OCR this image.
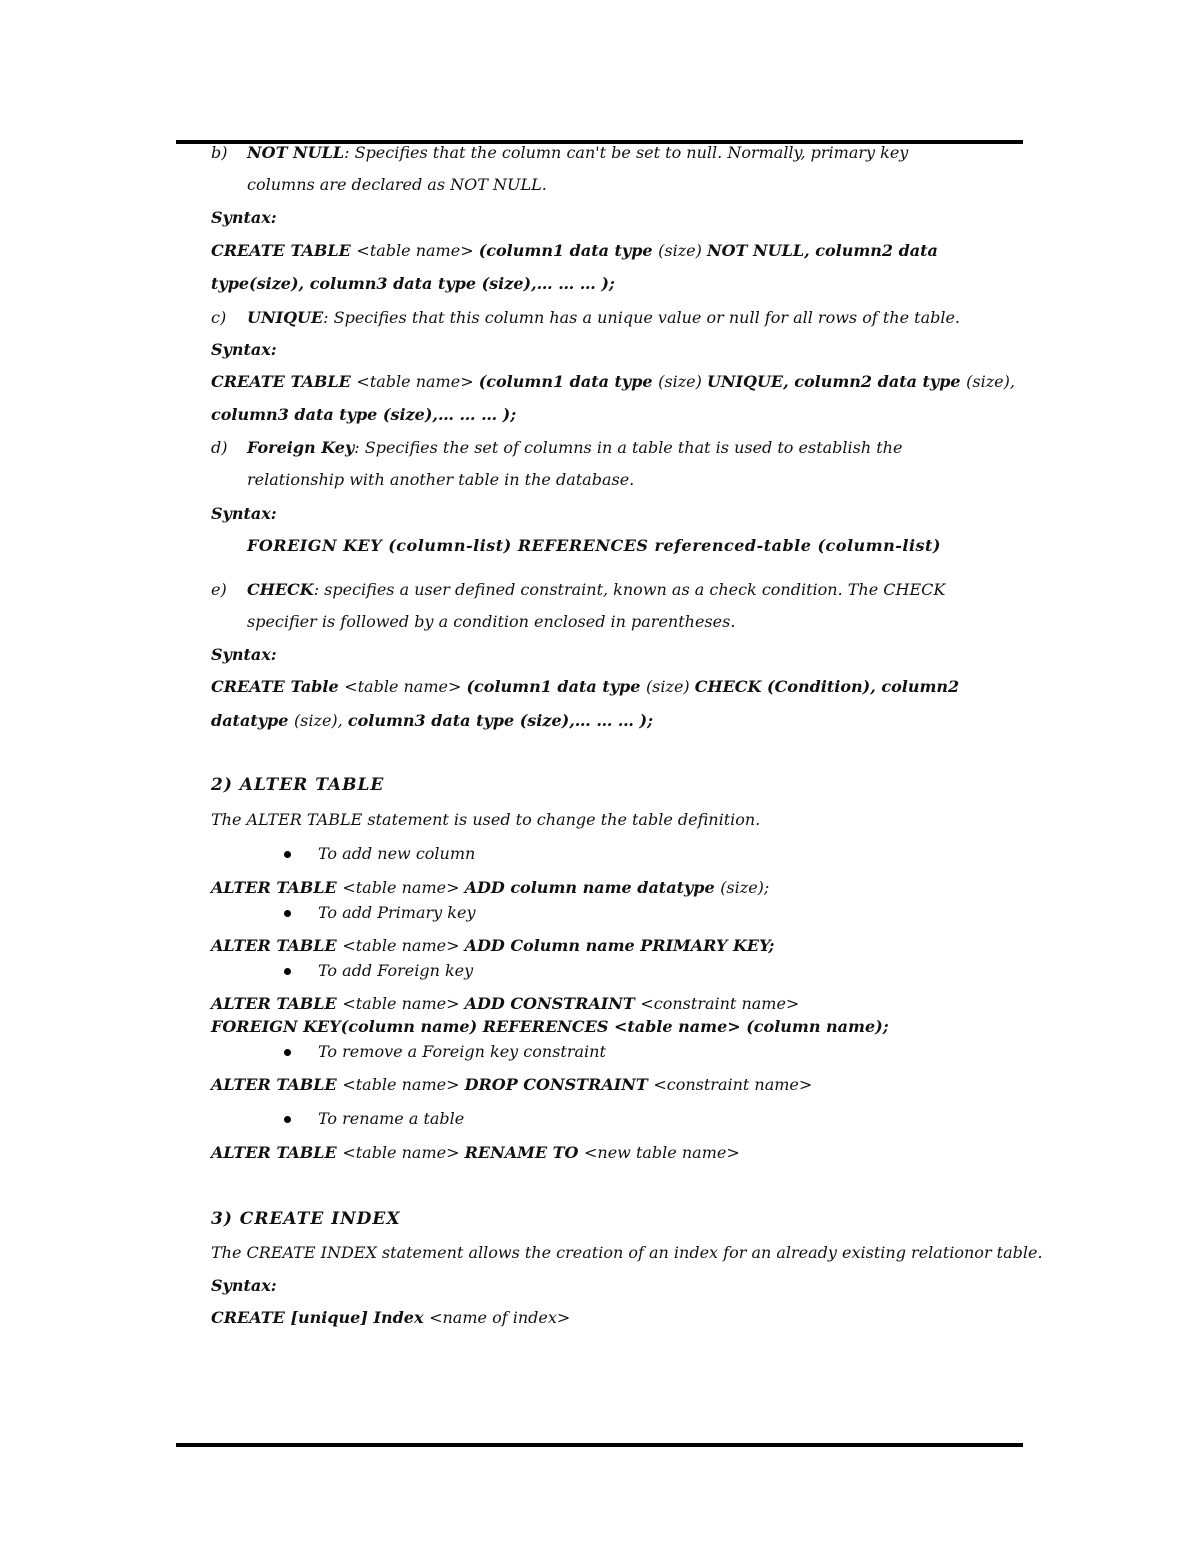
b) NOT NULL: Specifies that the column can't be set to null. Normally, primary key
columns are declared as NOT NULL.
Syntax:
CREATE TABLE <table name> (column1 data type (size) NOT NULL, column2 data
type(size), column3 data type (size),… … … );
c) UNIQUE: Specifies that this column has a unique value or null for all rows of the table.
Syntax:
CREATE TABLE <table name> (column1 data type (size) UNIQUE, column2 data type (size),
column3 data type (size),… … … );
d) Foreign Key: Specifies the set of columns in a table that is used to establish the
relationship with another table in the database.
Syntax:
FOREIGN KEY (column-list) REFERENCES referenced-table (column-list)
e) CHECK: specifies a user defined constraint, known as a check condition. The CHECK
specifier is followed by a condition enclosed in parentheses.
Syntax:
CREATE Table <table name> (column1 data type (size) CHECK (Condition), column2
datatype (size), column3 data type (size),… … … );
2) ALTER TABLE
The ALTER TABLE statement is used to change the table definition.
To add new column
ALTER TABLE <table name> ADD column name datatype (size);
To add Primary key
ALTER TABLE <table name> ADD Column name PRIMARY KEY;
To add Foreign key
ALTER TABLE <table name> ADD CONSTRAINT <constraint name>
FOREIGN KEY(column name) REFERENCES <table name> (column name);
To remove a Foreign key constraint
ALTER TABLE <table name> DROP CONSTRAINT <constraint name>
To rename a table
ALTER TABLE <table name> RENAME TO <new table name>
3) CREATE INDEX
The CREATE INDEX statement allows the creation of an index for an already existing relationor table.
Syntax:
CREATE [unique] Index <name of index>
